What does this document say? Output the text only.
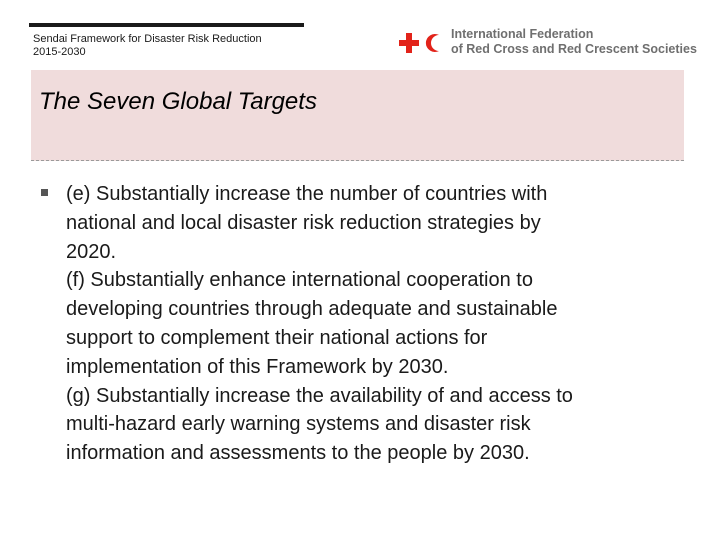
Sendai Framework for Disaster Risk Reduction
2015-2030
International Federation
of Red Cross and Red Crescent Societies
The Seven Global Targets
(e) Substantially increase the number of countries with
national and local disaster risk reduction strategies by
2020.
(f) Substantially enhance international cooperation to
developing countries through adequate and sustainable
support to complement their national actions for
implementation of this Framework by 2030.
(g) Substantially increase the availability of and access to
multi-hazard early warning systems and disaster risk
information and assessments to the people by 2030.
